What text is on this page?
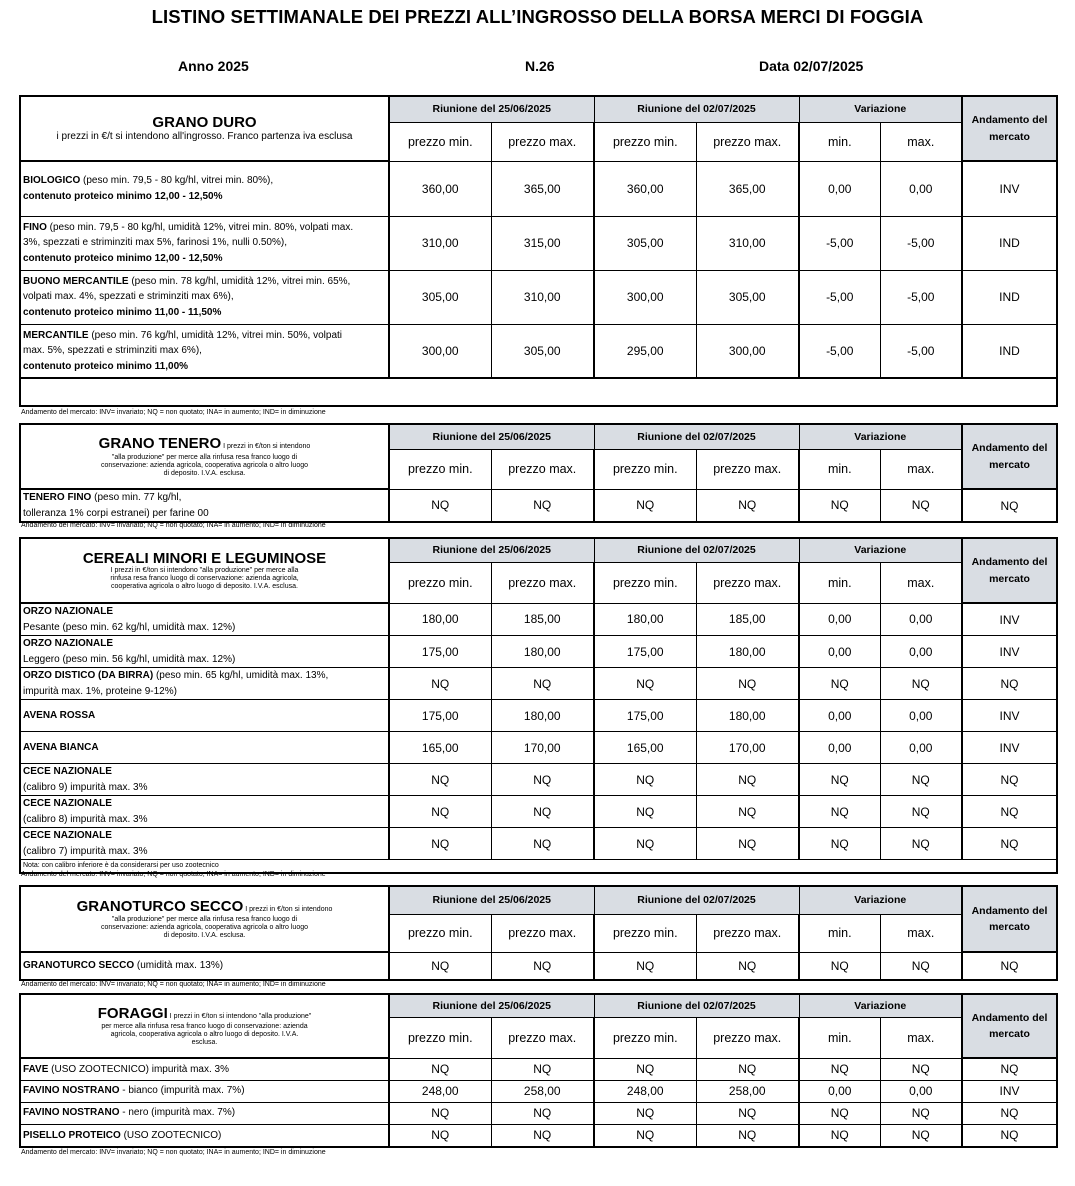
LISTINO SETTIMANALE DEI PREZZI ALL’INGROSSO DELLA BORSA MERCI DI FOGGIA
Anno 2025	N.26	Data 02/07/2025
GRANO DURO
i prezzi in €/t si intendono all'ingrosso. Franco partenza iva esclusa	Riunione del 25/06/2025		Riunione del 02/07/2025		Variazione		Andamento del mercato
	prezzo min.	prezzo max.	prezzo min.	prezzo max.	min.	max.	
BIOLOGICO (peso min. 79,5 - 80 kg/hl, vitrei min. 80%),
contenuto proteico minimo 12,00 - 12,50%	360,00	365,00	360,00	365,00	0,00	0,00	INV
FINO (peso min. 79,5 - 80 kg/hl, umidità 12%, vitrei min. 80%, volpati max.
3%, spezzati e striminziti max 5%, farinosi 1%, nulli 0.50%),
contenuto proteico minimo 12,00 - 12,50%	310,00	315,00	305,00	310,00	-5,00	-5,00	IND
BUONO MERCANTILE (peso min. 78 kg/hl, umidità 12%, vitrei min. 65%,
volpati max. 4%, spezzati e striminziti max 6%),
contenuto proteico minimo 11,00 - 11,50%	305,00	310,00	300,00	305,00	-5,00	-5,00	IND
MERCANTILE (peso min. 76 kg/hl, umidità 12%, vitrei min. 50%, volpati
max. 5%, spezzati e striminziti max 6%),
contenuto proteico minimo 11,00%	300,00	305,00	295,00	300,00	-5,00	-5,00	IND

Andamento del mercato: INV= invariato; NQ = non quotato; INA= in aumento; IND= in diminuzione
GRANO TENERO I prezzi in €/ton si intendono
"alla produzione" per merce alla rinfusa resa franco luogo di
conservazione: azienda agricola, cooperativa agricola o altro luogo
di deposito. I.V.A. esclusa.	Riunione del 25/06/2025		Riunione del 02/07/2025		Variazione		Andamento del mercato
	prezzo min.	prezzo max.	prezzo min.	prezzo max.	min.	max.	
TENERO FINO (peso min. 77 kg/hl,
tolleranza 1% corpi estranei) per farine 00	NQ	NQ	NQ	NQ	NQ	NQ	NQ
Andamento del mercato: INV= invariato; NQ = non quotato; INA= in aumento; IND= in diminuzione
CEREALI MINORI E LEGUMINOSE
I prezzi in €/ton si intendono "alla produzione" per merce alla
rinfusa resa franco luogo di conservazione: azienda agricola,
cooperativa agricola o altro luogo di deposito. I.V.A. esclusa.	Riunione del 25/06/2025		Riunione del 02/07/2025		Variazione		Andamento del mercato
	prezzo min.	prezzo max.	prezzo min.	prezzo max.	min.	max.	
ORZO NAZIONALE
Pesante (peso min. 62 kg/hl, umidità max. 12%)	180,00	185,00	180,00	185,00	0,00	0,00	INV
ORZO NAZIONALE
Leggero (peso min. 56 kg/hl, umidità max. 12%)	175,00	180,00	175,00	180,00	0,00	0,00	INV
ORZO DISTICO (DA BIRRA) (peso min. 65 kg/hl, umidità max. 13%,
impurità max. 1%, proteine 9-12%)	NQ	NQ	NQ	NQ	NQ	NQ	NQ
AVENA ROSSA	175,00	180,00	175,00	180,00	0,00	0,00	INV
AVENA BIANCA	165,00	170,00	165,00	170,00	0,00	0,00	INV
CECE NAZIONALE
(calibro 9) impurità max. 3%	NQ	NQ	NQ	NQ	NQ	NQ	NQ
CECE NAZIONALE
(calibro 8) impurità max. 3%	NQ	NQ	NQ	NQ	NQ	NQ	NQ
CECE NAZIONALE
(calibro 7) impurità max. 3%	NQ	NQ	NQ	NQ	NQ	NQ	NQ
Nota: con calibro inferiore è da considerarsi per uso zootecnico							
Andamento del mercato: INV= invariato; NQ = non quotato; INA= in aumento; IND= in diminuzione
GRANOTURCO SECCO I prezzi in €/ton si intendono
"alla produzione" per merce alla rinfusa resa franco luogo di
conservazione: azienda agricola, cooperativa agricola o altro luogo
di deposito. I.V.A. esclusa.	Riunione del 25/06/2025		Riunione del 02/07/2025		Variazione		Andamento del mercato
	prezzo min.	prezzo max.	prezzo min.	prezzo max.	min.	max.	
GRANOTURCO SECCO (umidità max. 13%)	NQ	NQ	NQ	NQ	NQ	NQ	NQ
Andamento del mercato: INV= invariato; NQ = non quotato; INA= in aumento; IND= in diminuzione
FORAGGI I prezzi in €/ton si intendono "alla produzione"
per merce alla rinfusa resa franco luogo di conservazione: azienda
agricola, cooperativa agricola o altro luogo di deposito. I.V.A.
esclusa.	Riunione del 25/06/2025		Riunione del 02/07/2025		Variazione		Andamento del mercato
	prezzo min.	prezzo max.	prezzo min.	prezzo max.	min.	max.	
FAVE (USO ZOOTECNICO) impurità max. 3%	NQ	NQ	NQ	NQ	NQ	NQ	NQ
FAVINO NOSTRANO - bianco (impurità max. 7%)	248,00	258,00	248,00	258,00	0,00	0,00	INV
FAVINO NOSTRANO - nero (impurità max. 7%)	NQ	NQ	NQ	NQ	NQ	NQ	NQ
PISELLO PROTEICO (USO ZOOTECNICO)	NQ	NQ	NQ	NQ	NQ	NQ	NQ
Andamento del mercato: INV= invariato; NQ = non quotato; INA= in aumento; IND= in diminuzione
